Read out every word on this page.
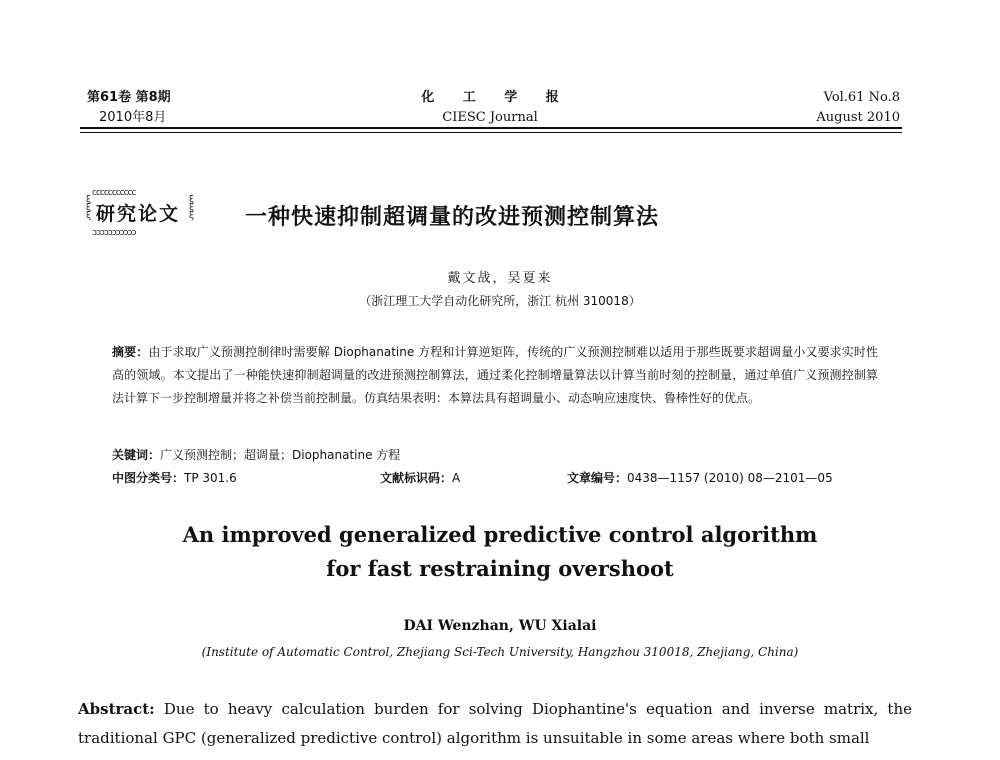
第61卷 第8期
2010年8月
化 工 学 报
CIESC Journal
Vol.61 No.8
August 2010
ccccccccccc
ξ
ξ
ξ 研究论文
ξ
ξ
ξ
ɔɔɔɔɔɔɔɔɔɔɔ
一种快速抑制超调量的改进预测控制算法
戴文战，吴夏来
（浙江理工大学自动化研究所，浙江 杭州 310018）
摘要：由于求取广义预测控制律时需要解 Diophanatine 方程和计算逆矩阵，传统的广义预测控制难以适用于那些既要求超调量小又要求实时性高的领域。本文提出了一种能快速抑制超调量的改进预测控制算法，通过柔化控制增量算法以计算当前时刻的控制量，通过单值广义预测控制算法计算下一步控制增量并将之补偿当前控制量。仿真结果表明：本算法具有超调量小、动态响应速度快、鲁棒性好的优点。
关键词：广义预测控制；超调量；Diophanatine 方程
中图分类号：TP 301.6	文献标识码：A	文章编号：0438—1157 (2010) 08—2101—05
An improved generalized predictive control algorithm
for fast restraining overshoot
DAI Wenzhan, WU Xialai
(Institute of Automatic Control, Zhejiang Sci-Tech University, Hangzhou 310018, Zhejiang, China)
Abstract: Due to heavy calculation burden for solving Diophantine's equation and inverse matrix, the traditional GPC (generalized predictive control) algorithm is unsuitable in some areas where both small
